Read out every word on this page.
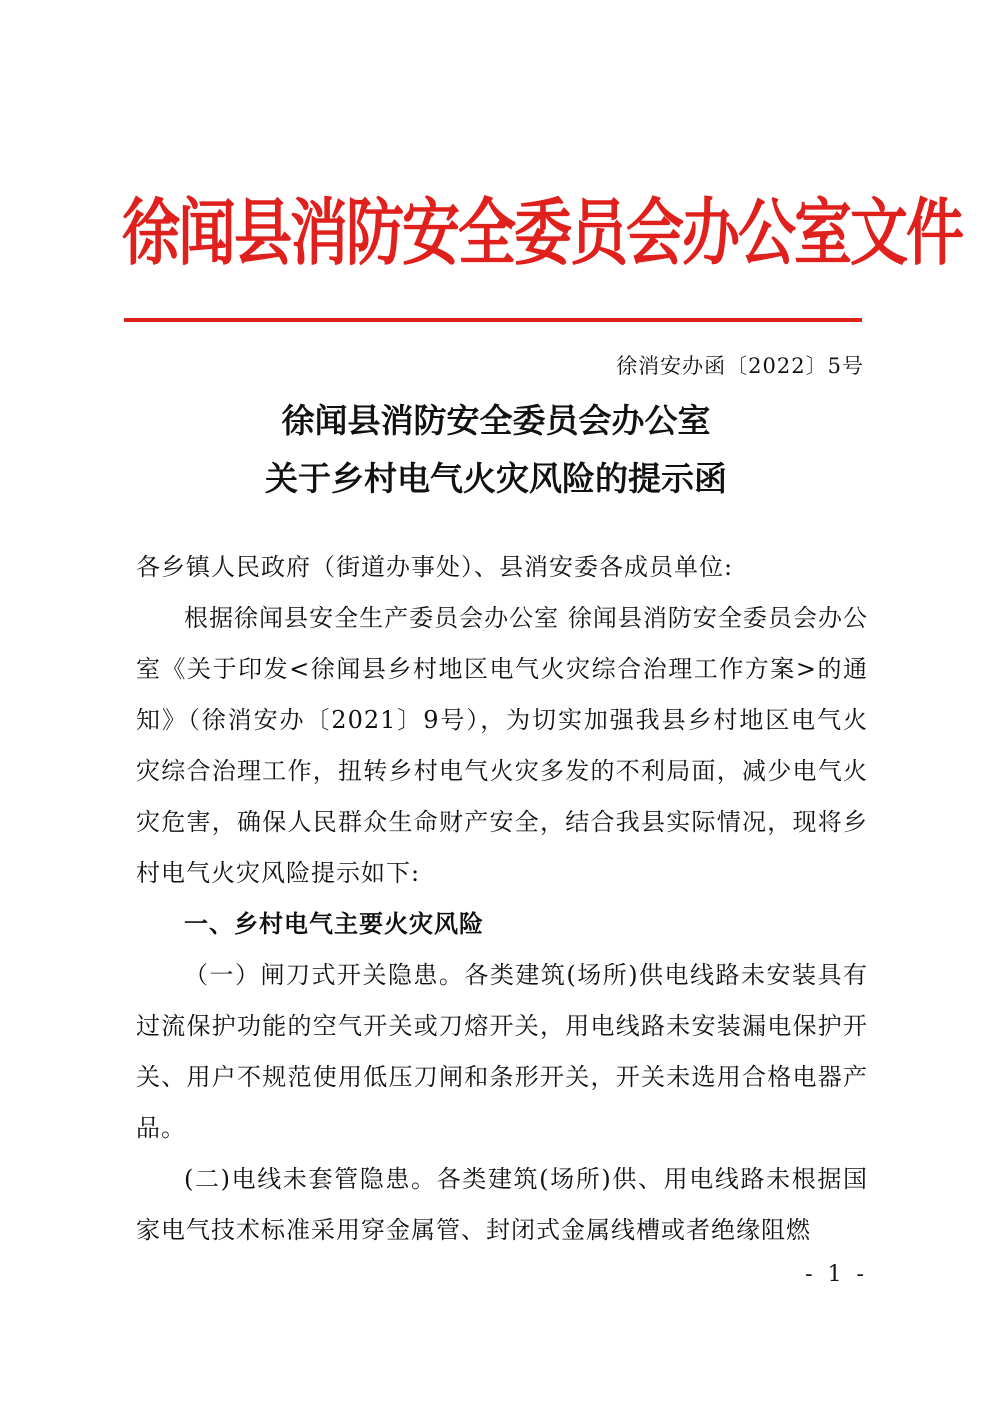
徐闻县消防安全委员会办公室文件
徐消安办函〔2022〕5号
徐闻县消防安全委员会办公室
关于乡村电气火灾风险的提示函

各乡镇人民政府（街道办事处）、县消安委各成员单位:

根据徐闻县安全生产委员会办公室 徐闻县消防安全委员会办公室《关于印发<徐闻县乡村地区电气火灾综合治理工作方案>的通知》（徐消安办〔2021〕9号），为切实加强我县乡村地区电气火灾综合治理工作，扭转乡村电气火灾多发的不利局面，减少电气火灾危害，确保人民群众生命财产安全，结合我县实际情况，现将乡村电气火灾风险提示如下:

一、乡村电气主要火灾风险

（一）闸刀式开关隐患。各类建筑(场所)供电线路未安装具有过流保护功能的空气开关或刀熔开关，用电线路未安装漏电保护开关、用户不规范使用低压刀闸和条形开关，开关未选用合格电器产品。

(二)电线未套管隐患。各类建筑(场所)供、用电线路未根据国家电气技术标准采用穿金属管、封闭式金属线槽或者绝缘阻燃

- 1 -
